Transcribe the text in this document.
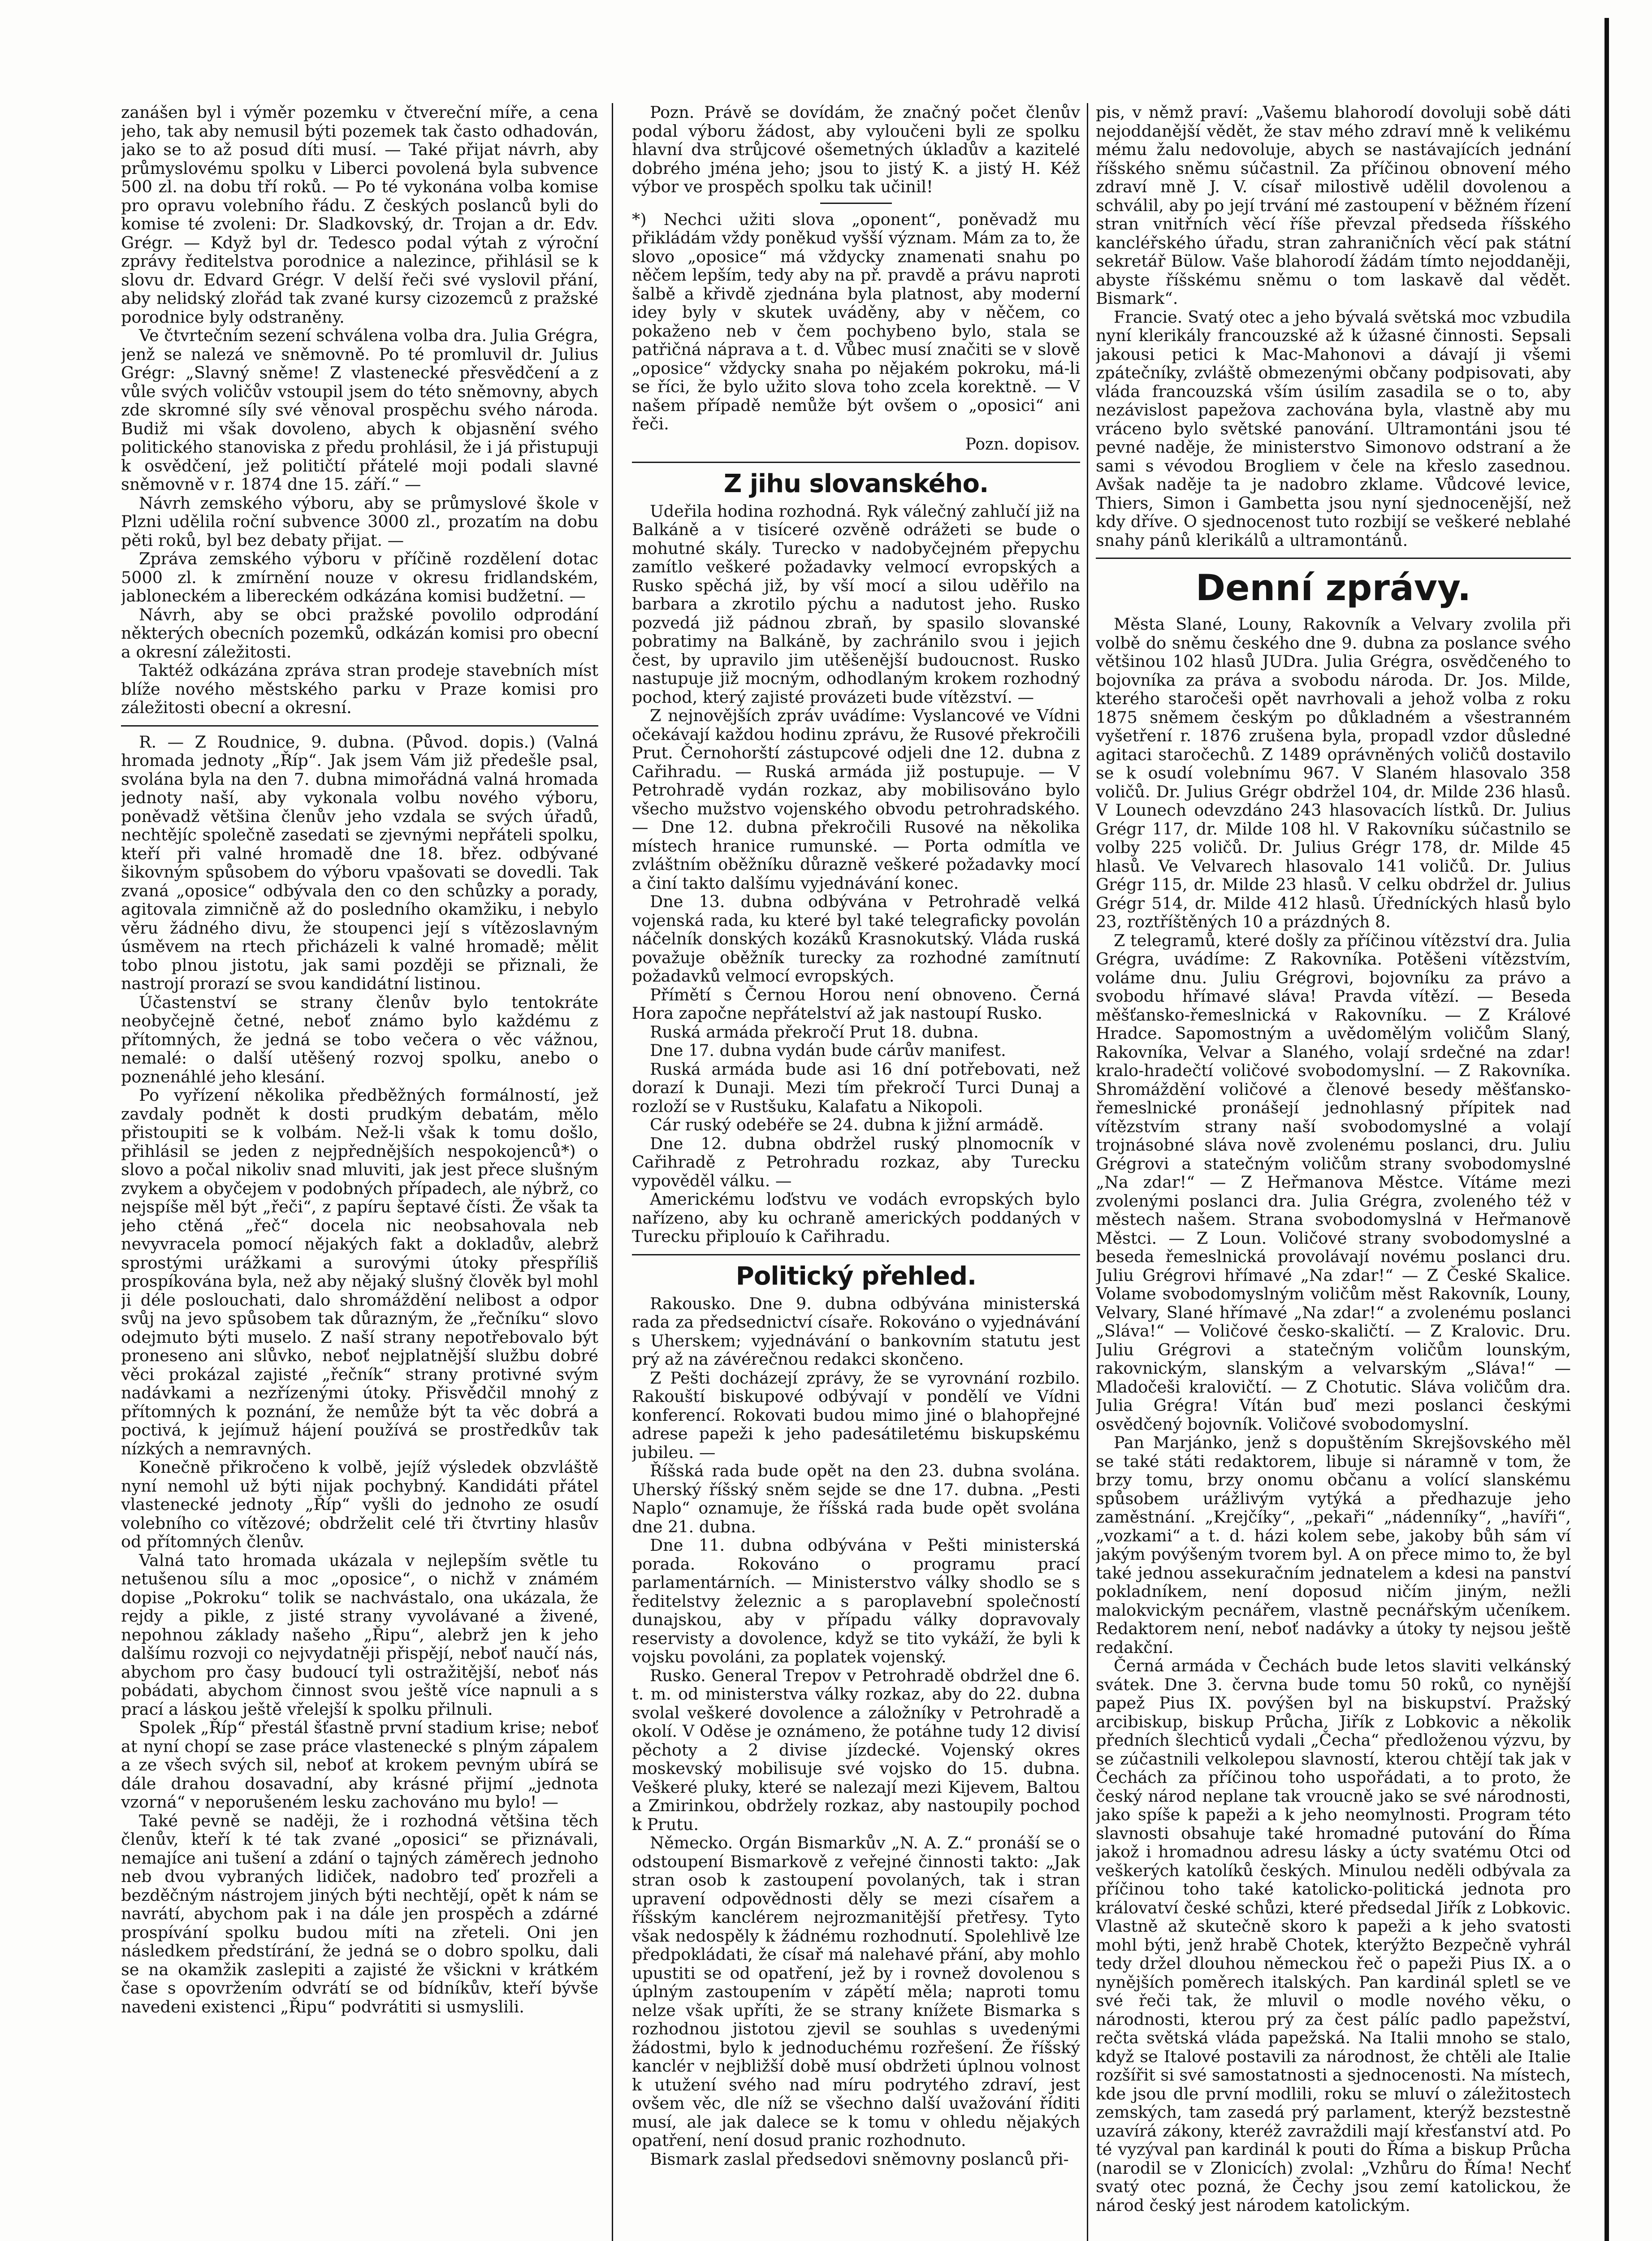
zanášen byl i výměr pozemku v čtvereční míře, a cena jeho, tak aby nemusil býti pozemek tak často odhadován, jako se to až posud díti musí. — Také přijat návrh, aby průmyslovému spolku v Liberci povolená byla subvence 500 zl. na dobu tří roků. — Po té vykonána volba komise pro opravu volebního řádu. Z českých poslanců byli do komise té zvoleni: Dr. Sladkovský, dr. Trojan a dr. Edv. Grégr. — Když byl dr. Tedesco podal výtah z výroční zprávy ředitelstva porodnice a nalezince, přihlásil se k slovu dr. Edvard Grégr. V delší řeči své vyslovil přání, aby nelidský zlořád tak zvané kursy cizozemců z pražské porodnice byly odstraněny.

Ve čtvrtečním sezení schválena volba dra. Julia Grégra, jenž se nalezá ve sněmovně. Po té promluvil dr. Julius Grégr: „Slavný sněme! Z vlastenecké přesvědčení a z vůle svých voličův vstoupil jsem do této sněmovny, abych zde skromné síly své věnoval prospěchu svého národa. Budiž mi však dovoleno, abych k objasnění svého politického stanoviska z předu prohlásil, že i já přistupuji k osvědčení, jež političtí přátelé moji podali slavné sněmovně v r. 1874 dne 15. září.“ —

Návrh zemského výboru, aby se průmyslové škole v Plzni udělila roční subvence 3000 zl., prozatím na dobu pěti roků, byl bez debaty přijat. —

Zpráva zemského výboru v příčině rozdělení dotac 5000 zl. k zmírnění nouze v okresu fridlandském, jabloneckém a libereckém odkázána komisi budžetní. —

Návrh, aby se obci pražské povolilo odprodání některých obecních pozemků, odkázán komisi pro obecní a okresní záležitosti.

Taktéž odkázána zpráva stran prodeje stavebních míst blíže nového městského parku v Praze komisi pro záležitosti obecní a okresní.

R. — Z Roudnice, 9. dubna. (Původ. dopis.) (Valná hromada jednoty „Říp“. Jak jsem Vám již předešle psal, svolána byla na den 7. dubna mimořádná valná hromada jednoty naší, aby vykonala volbu nového výboru, poněvadž většina členův jeho vzdala se svých úřadů, nechtějíc společně zasedati se zjevnými nepřáteli spolku, kteří při valné hromadě dne 18. břez. odbývané šikovným spůsobem do výboru vpašovati se dovedli. Tak zvaná „oposice“ odbývala den co den schůzky a porady, agitovala zimničně až do posledního okamžiku, i nebylo věru žádného divu, že stoupenci její s vítězoslavným úsměvem na rtech přicházeli k valné hromadě; mělit tobo plnou jistotu, jak sami později se přiznali, že nastrojí prorazí se svou kandidátní listinou.

Účastenství se strany členův bylo tentokráte neobyčejně četné, neboť známo bylo každému z přítomných, že jedná se tobo večera o věc vážnou, nemalé: o další utěšený rozvoj spolku, anebo o poznenáhlé jeho klesání.

Po vyřízení několika předběžných formálností, jež zavdaly podnět k dosti prudkým debatám, mělo přistoupiti se k volbám. Než-li však k tomu došlo, přihlásil se jeden z nejpřednějších nespokojenců*) o slovo a počal nikoliv snad mluviti, jak jest přece slušným zvykem a obyčejem v podobných případech, ale nýbrž, co nejspíše měl být „řeči“, z papíru šeptavé čísti. Že však ta jeho ctěná „řeč“ docela nic neobsahovala neb nevyvracela pomocí nějakých fakt a dokladův, alebrž sprostými urážkami a surovými útoky přespříliš prospíkována byla, než aby nějaký slušný člověk byl mohl ji déle poslouchati, dalo shromáždění nelibost a odpor svůj na jevo spůsobem tak důrazným, že „řečníku“ slovo odejmuto býti muselo. Z naší strany nepotřebovalo být proneseno ani slůvko, neboť nejplatnější službu dobré věci prokázal zajisté „řečník“ strany protivné svým nadávkami a nezřízenými útoky. Přisvědčil mnohý z přítomných k poznání, že nemůže být ta věc dobrá a poctivá, k jejímuž hájení používá se prostředkův tak nízkých a nemravných.

Konečně přikročeno k volbě, jejíž výsledek obzvláště nyní nemohl už býti nijak pochybný. Kandidáti přátel vlastenecké jednoty „Říp“ vyšli do jednoho ze osudí volebního co vítězové; obdrželit celé tři čtvrtiny hlasův od přítomných členův.

Valná tato hromada ukázala v nejlepším světle tu netušenou sílu a moc „oposice“, o nichž v známém dopise „Pokroku“ tolik se nachvástalo, ona ukázala, že rejdy a pikle, z jisté strany vyvolávané a živené, nepohnou základy našeho „Řipu“, alebrž jen k jeho dalšímu rozvoji co nejvydatněji přispějí, neboť naučí nás, abychom pro časy budoucí tyli ostražitější, neboť nás pobádati, abychom činnost svou ještě více napnuli a s prací a láskou ještě vřelejší k spolku přilnuli.

Spolek „Říp“ přestál šťastně první stadium krise; neboť at nyní chopí se zase práce vlastenecké s plným zápalem a ze všech svých sil, neboť at krokem pevným ubírá se dále drahou dosavadní, aby krásné přijmí „jednota vzorná“ v neporušeném lesku zachováno mu bylo! —

Také pevně se naději, že i rozhodná většina těch členův, kteří k té tak zvané „oposici“ se přiznávali, nemajíce ani tušení a zdání o tajných záměrech jednoho neb dvou vybraných lidiček, nadobro teď prozřeli a bezděčným nástrojem jiných býti nechtějí, opět k nám se navrátí, abychom pak i na dále jen prospěch a zdárné prospívání spolku budou míti na zřeteli. Oni jen následkem předstírání, že jedná se o dobro spolku, dali se na okamžik zaslepiti a zajisté že všickni v krátkém čase s opovržením odvrátí se od bídníkův, kteří bývše navedeni existenci „Řipu“ podvrátiti si usmyslili.

Pozn. Právě se dovídám, že značný počet členův podal výboru žádost, aby vyloučeni byli ze spolku hlavní dva strůjcové ošemetných úkladův a kazitelé dobrého jména jeho; jsou to jistý K. a jistý H. Kéž výbor ve prospěch spolku tak učinil!

*) Nechci užiti slova „oponent“, poněvadž mu přikládám vždy poněkud vyšší význam. Mám za to, že slovo „oposice“ má vždycky znamenati snahu po něčem lepším, tedy aby na př. pravdě a právu naproti šalbě a křivdě zjednána byla platnost, aby moderní idey byly v skutek uváděny, aby v něčem, co pokaženo neb v čem pochybeno bylo, stala se patřičná náprava a t. d. Vůbec musí značiti se v slově „oposice“ vždycky snaha po nějakém pokroku, má-li se říci, že bylo užito slova toho zcela korektně. — V našem případě nemůže být ovšem o „oposici“ ani řeči.

Pozn. dopisov.

Z jihu slovanského.

Udeřila hodina rozhodná. Ryk válečný zahlučí již na Balkáně a v tisíceré ozvěně odrážeti se bude o mohutné skály. Turecko v nadobyčejném přepychu zamítlo veškeré požadavky velmocí evropských a Rusko spěchá již, by vší mocí a silou uděřilo na barbara a zkrotilo pýchu a nadutost jeho. Rusko pozvedá již pádnou zbraň, by spasilo slovanské pobratimy na Balkáně, by zachránilo svou i jejich čest, by upravilo jim utěšenější budoucnost. Rusko nastupuje již mocným, odhodlaným krokem rozhodný pochod, který zajisté provázeti bude vítězství. —

Z nejnovějších zpráv uvádíme: Vyslancové ve Vídni očekávají každou hodinu zprávu, že Rusové překročili Prut. Černohorští zástupcové odjeli dne 12. dubna z Cařihradu. — Ruská armáda již postupuje. — V Petrohradě vydán rozkaz, aby mobilisováno bylo všecho mužstvo vojenského obvodu petrohradského. — Dne 12. dubna překročili Rusové na několika místech hranice rumunské. — Porta odmítla ve zvláštním oběžníku důrazně veškeré požadavky mocí a činí takto dalšímu vyjednávání konec.

Dne 13. dubna odbývána v Petrohradě velká vojenská rada, ku které byl také telegraficky povolán náčelník donských kozáků Krasnokutský. Vláda ruská považuje oběžník turecky za rozhodné zamítnutí požadavků velmocí evropských.

Přímětí s Černou Horou není obnoveno. Černá Hora započne nepřátelství až jak nastoupí Rusko.

Ruská armáda překročí Prut 18. dubna.

Dne 17. dubna vydán bude cárův manifest.

Ruská armáda bude asi 16 dní potřebovati, než dorazí k Dunaji. Mezi tím překročí Turci Dunaj a rozloží se v Rustšuku, Kalafatu a Nikopoli.

Cár ruský odebéře se 24. dubna k jižní armádě.

Dne 12. dubna obdržel ruský plnomocník v Cařihradě z Petrohradu rozkaz, aby Turecku vypověděl válku. —

Americkému loďstvu ve vodách evropských bylo nařízeno, aby ku ochraně amerických poddaných v Turecku připlouío k Cařihradu.

Politický přehled.

Rakousko. Dne 9. dubna odbývána ministerská rada za předsednictví císaře. Rokováno o vyjednávání s Uherskem; vyjednávání o bankovním statutu jest prý až na závérečnou redakci skončeno.

Z Pešti docházejí zprávy, že se vyrovnání rozbilo. Rakouští biskupové odbývají v pondělí ve Vídni konferencí. Rokovati budou mimo jiné o blahopřejné adrese papeži k jeho padesátiletému biskupskému jubileu. —

Říšská rada bude opět na den 23. dubna svolána. Uherský říšský sněm sejde se dne 17. dubna. „Pesti Naplo“ oznamuje, že říšská rada bude opět svolána dne 21. dubna.

Dne 11. dubna odbývána v Pešti ministerská porada. Rokováno o programu prací parlamentárních. — Ministerstvo války shodlo se s ředitelstvy železnic a s paroplavební společností dunajskou, aby v případu války dopravovaly reservisty a dovolence, když se tito vykáží, že byli k vojsku povoláni, za poplatek vojenský.

Rusko. General Trepov v Petrohradě obdržel dne 6. t. m. od ministerstva války rozkaz, aby do 22. dubna svolal veškeré dovolence a záložníky v Petrohradě a okolí. V Oděse je oznámeno, že potáhne tudy 12 divisí pěchoty a 2 divise jízdecké. Vojenský okres moskevský mobilisuje své vojsko do 15. dubna. Veškeré pluky, které se nalezají mezi Kijevem, Baltou a Zmirinkou, obdržely rozkaz, aby nastoupily pochod k Prutu.

Německo. Orgán Bismarkův „N. A. Z.“ pronáší se o odstoupení Bismarkově z veřejné činnosti takto: „Jak stran osob k zastoupení povolaných, tak i stran upravení odpovědnosti děly se mezi císařem a říšským kanclérem nejrozmanitější přetřesy. Tyto však nedospěly k žádnému rozhodnutí. Spolehlivě lze předpokládati, že císař má nalehavé přání, aby mohlo upustiti se od opatření, jež by i rovnež dovolenou s úplným zastoupením v zápětí měla; naproti tomu nelze však upříti, že se strany knížete Bismarka s rozhodnou jistotou zjevil se souhlas s uvedenými žádostmi, bylo k jednoduchému rozřešení. Že říšský kanclér v nejbližší době musí obdržeti úplnou volnost k utužení svého nad míru podrytého zdraví, jest ovšem věc, dle níž se všechno další uvažování říditi musí, ale jak dalece se k tomu v ohledu nějakých opatření, není dosud pranic rozhodnuto.

Bismark zaslal předsedovi sněmovny poslanců při-

pis, v němž praví: „Vašemu blahorodí dovoluji sobě dáti nejoddanější vědět, že stav mého zdraví mně k velikému mému žalu nedovoluje, abych se nastávajících jednání říšského sněmu súčastnil. Za příčinou obnovení mého zdraví mně J. V. císař milostivě udělil dovolenou a schválil, aby po její trvání mé zastoupení v běžném řízení stran vnitřních věcí říše převzal předseda říšského kancléřského úřadu, stran zahraničních věcí pak státní sekretář Bülow. Vaše blahorodí žádám tímto nejoddaněji, abyste říšskému sněmu o tom laskavě dal vědět. Bismark“.

Francie. Svatý otec a jeho bývalá světská moc vzbudila nyní klerikály francouzské až k úžasné činnosti. Sepsali jakousi petici k Mac-Mahonovi a dávají ji všemi zpátečníky, zvláště obmezenými občany podpisovati, aby vláda francouzská vším úsilím zasadila se o to, aby nezávislost papežova zachována byla, vlastně aby mu vráceno bylo světské panování. Ultramontáni jsou té pevné naděje, že ministerstvo Simonovo odstraní a že sami s vévodou Brogliem v čele na křeslo zasednou. Avšak naděje ta je nadobro zklame. Vůdcové levice, Thiers, Simon i Gambetta jsou nyní sjednocenější, než kdy dříve. O sjednocenost tuto rozbijí se veškeré neblahé snahy pánů klerikálů a ultramontánů.

Denní zprávy.

Města Slané, Louny, Rakovník a Velvary zvolila při volbě do sněmu českého dne 9. dubna za poslance svého většinou 102 hlasů JUDra. Julia Grégra, osvědčeného to bojovníka za práva a svobodu národa. Dr. Jos. Milde, kterého staročeši opět navrhovali a jehož volba z roku 1875 sněmem českým po důkladném a všestranném vyšetření r. 1876 zrušena byla, propadl vzdor důsledné agitaci staročechů. Z 1489 oprávněných voličů dostavilo se k osudí volebnímu 967. V Slaném hlasovalo 358 voličů. Dr. Julius Grégr obdržel 104, dr. Milde 236 hlasů. V Lounech odevzdáno 243 hlasovacích lístků. Dr. Julius Grégr 117, dr. Milde 108 hl. V Rakovníku súčastnilo se volby 225 voličů. Dr. Julius Grégr 178, dr. Milde 45 hlasů. Ve Velvarech hlasovalo 141 voličů. Dr. Julius Grégr 115, dr. Milde 23 hlasů. V celku obdržel dr. Julius Grégr 514, dr. Milde 412 hlasů. Úředníckých hlasů bylo 23, roztříštěných 10 a prázdných 8.

Z telegramů, které došly za příčinou vítězství dra. Julia Grégra, uvádíme: Z Rakovníka. Potěšeni vítězstvím, voláme dnu. Juliu Grégrovi, bojovníku za právo a svobodu hřímavé sláva! Pravda vítězí. — Beseda měšťansko-řemeslnická v Rakovníku. — Z Králové Hradce. Sapomostným a uvědomělým voličům Slaný, Rakovníka, Velvar a Slaného, volají srdečné na zdar! kralo-hradečtí voličové svobodomyslní. — Z Rakovníka. Shromáždění voličové a členové besedy měšťansko-řemeslnické pronášejí jednohlasný přípitek nad vítězstvím strany naší svobodomyslné a volají trojnásobné sláva nově zvolenému poslanci, dru. Juliu Grégrovi a statečným voličům strany svobodomyslné „Na zdar!“ — Z Heřmanova Městce. Vítáme mezi zvolenými poslanci dra. Julia Grégra, zvoleného též v městech našem. Strana svobodomyslná v Heřmanově Městci. — Z Loun. Voličové strany svobodomyslné a beseda řemeslnická provolávají novému poslanci dru. Juliu Grégrovi hřímavé „Na zdar!“ — Z České Skalice. Volame svobodomyslným voličům měst Rakovník, Louny, Velvary, Slané hřímavé „Na zdar!“ a zvolenému poslanci „Sláva!“ — Voličové česko-skaličtí. — Z Kralovic. Dru. Juliu Grégrovi a statečným voličům lounským, rakovnickým, slanským a velvarským „Sláva!“ — Mladočeši kralovičtí. — Z Chotutic. Sláva voličům dra. Julia Grégra! Vítán buď mezi poslanci českými osvědčený bojovník. Voličové svobodomyslní.

Pan Marjánko, jenž s dopuštěním Skrejšovského měl se také státi redaktorem, libuje si náramně v tom, že brzy tomu, brzy onomu občanu a volící slanskému spůsobem urážlivým vytýká a předhazuje jeho zaměstnání. „Krejčíky“, „pekaři“ „nádenníky“, „havíři“, „vozkami“ a t. d. házi kolem sebe, jakoby bůh sám ví jakým povýšeným tvorem byl. A on přece mimo to, že byl také jednou assekuračním jednatelem a kdesi na panství pokladníkem, není doposud ničím jiným, nežli malokvickým pecnářem, vlastně pecnářským učeníkem. Redaktorem není, neboť nadávky a útoky ty nejsou ještě redakční.

Černá armáda v Čechách bude letos slaviti velkánský svátek. Dne 3. června bude tomu 50 roků, co nynější papež Pius IX. povýšen byl na biskupství. Pražský arcibiskup, biskup Průcha, Jiřík z Lobkovic a několik předních šlechticů vydali „Čecha“ předloženou výzvu, by se zúčastnili velkolepou slavností, kterou chtějí tak jak v Čechách za příčinou toho uspořádati, a to proto, že český národ neplane tak vroucně jako se své národnosti, jako spíše k papeži a k jeho neomylnosti. Program této slavnosti obsahuje také hromadné putování do Říma jakož i hromadnou adresu lásky a úcty svatému Otci od veškerých katolíků českých. Minulou neděli odbývala za příčinou toho také katolicko-politická jednota pro královatví české schůzi, které předsedal Jiřík z Lobkovic. Vlastně až skutečně skoro k papeži a k jeho svatosti mohl býti, jenž hrabě Chotek, kterýžto Bezpečně vyhrál tedy držel dlouhou německou řeč o papeži Pius IX. a o nynějších poměrech italských. Pan kardinál spletl se ve své řeči tak, že mluvil o modle nového věku, o národnosti, kterou prý za čest pálíc padlo papežství, rečta světská vláda papežská. Na Italii mnoho se stalo, když se Italové postavili za národnost, že chtěli ale Italie rozšířit si své samostatnosti a sjednocenosti. Na místech, kde jsou dle první modlili, roku se mluví o záležitostech zemských, tam zasedá prý parlament, kterýž bezstestně uzavírá zákony, kteréž zavraždili mají křesťanství atd. Po té vyzýval pan kardinál k pouti do Říma a biskup Průcha (narodil se v Zlonicích) zvolal: „Vzhůru do Říma! Nechť svatý otec pozná, že Čechy jsou zemí katolickou, že národ český jest národem katolickým.
